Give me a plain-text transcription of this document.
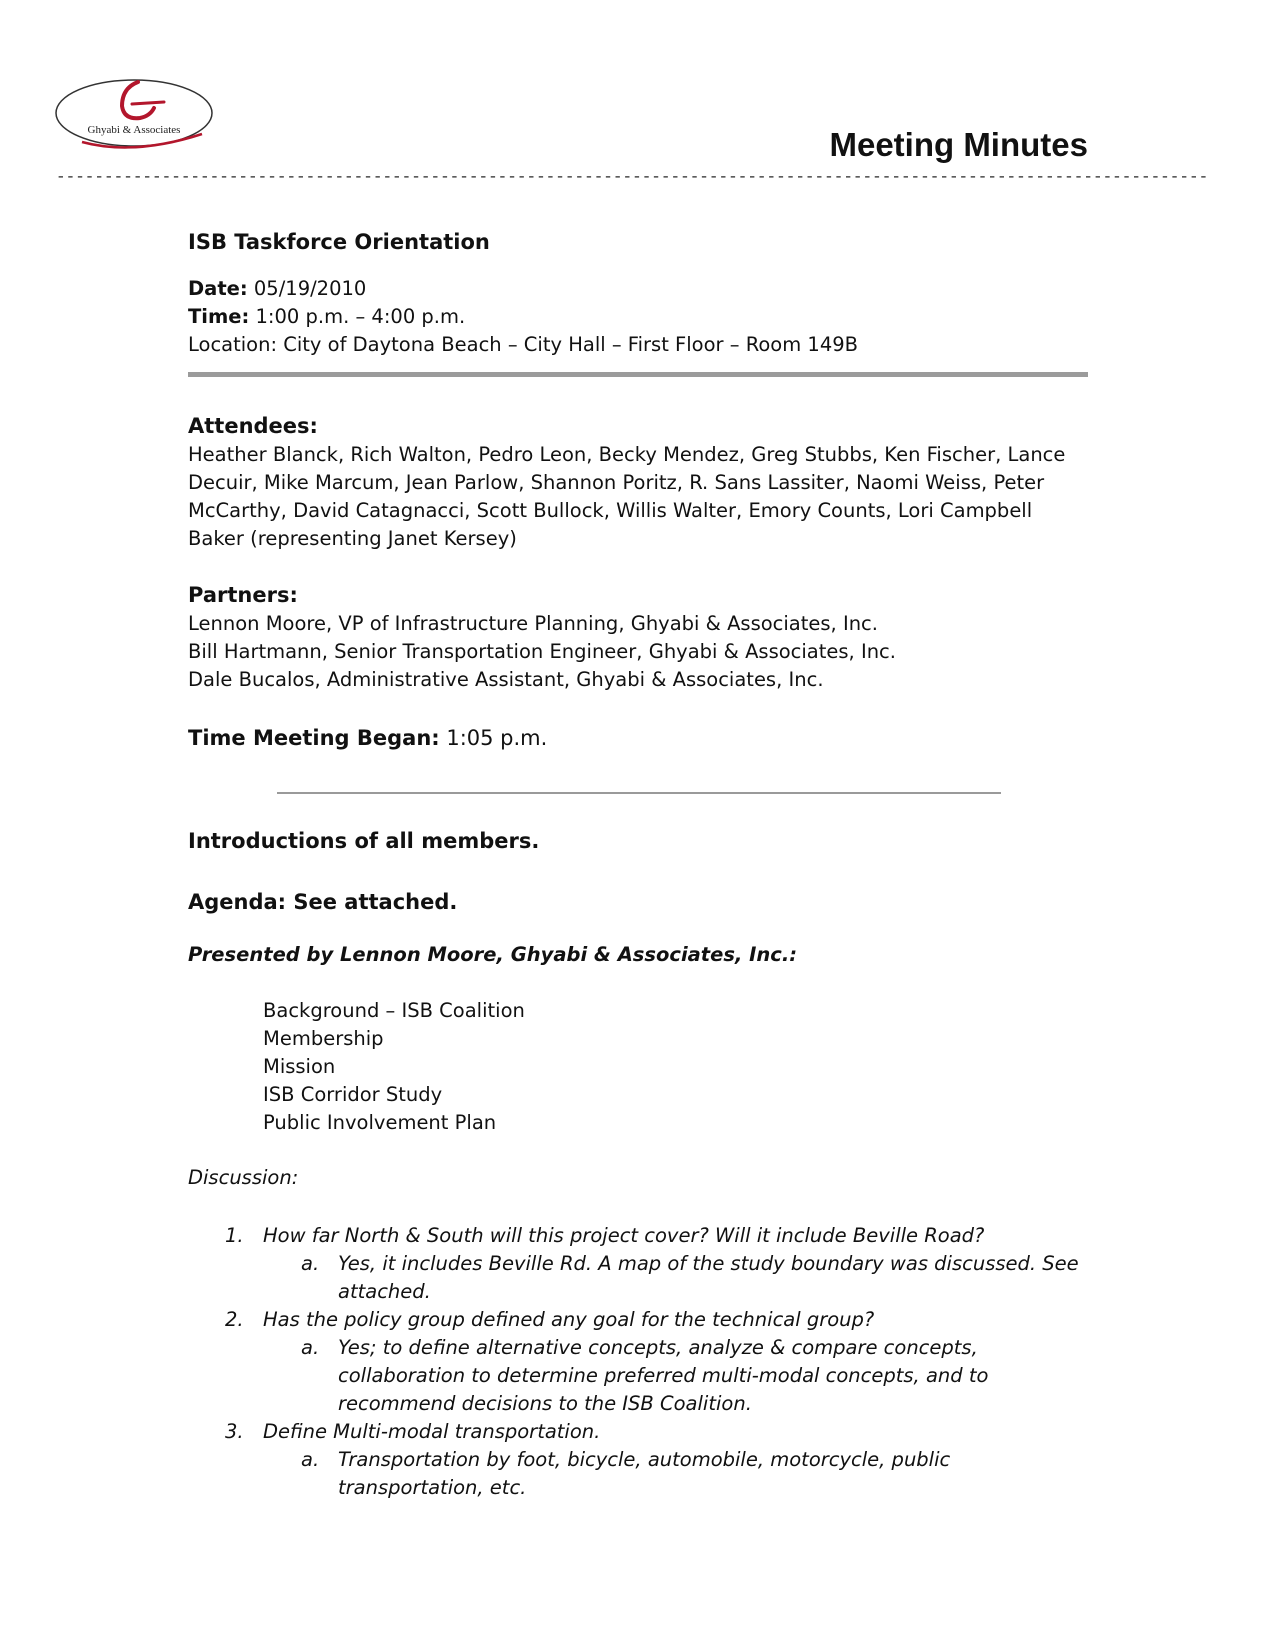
Ghyabi & Associates	Meeting Minutes
------------------------------------------------------------------------------------------------------------------------
ISB Taskforce Orientation
Date: 05/19/2010
Time: 1:00 p.m. – 4:00 p.m.
Location: City of Daytona Beach – City Hall – First Floor – Room 149B
Attendees:
Heather Blanck, Rich Walton, Pedro Leon, Becky Mendez, Greg Stubbs, Ken Fischer, Lance Decuir, Mike Marcum, Jean Parlow, Shannon Poritz, R. Sans Lassiter, Naomi Weiss, Peter McCarthy, David Catagnacci, Scott Bullock, Willis Walter, Emory Counts, Lori Campbell Baker (representing Janet Kersey)
Partners:
Lennon Moore, VP of Infrastructure Planning, Ghyabi & Associates, Inc.
Bill Hartmann, Senior Transportation Engineer, Ghyabi & Associates, Inc.
Dale Bucalos, Administrative Assistant, Ghyabi & Associates, Inc.
Time Meeting Began: 1:05 p.m.
Introductions of all members.
Agenda: See attached.
Presented by Lennon Moore, Ghyabi & Associates, Inc.:
Background – ISB Coalition
Membership
Mission
ISB Corridor Study
Public Involvement Plan
Discussion:
1. How far North & South will this project cover? Will it include Beville Road?
a. Yes, it includes Beville Rd. A map of the study boundary was discussed. See attached.
2. Has the policy group defined any goal for the technical group?
a. Yes; to define alternative concepts, analyze & compare concepts, collaboration to determine preferred multi-modal concepts, and to recommend decisions to the ISB Coalition.
3. Define Multi-modal transportation.
a. Transportation by foot, bicycle, automobile, motorcycle, public transportation, etc.
